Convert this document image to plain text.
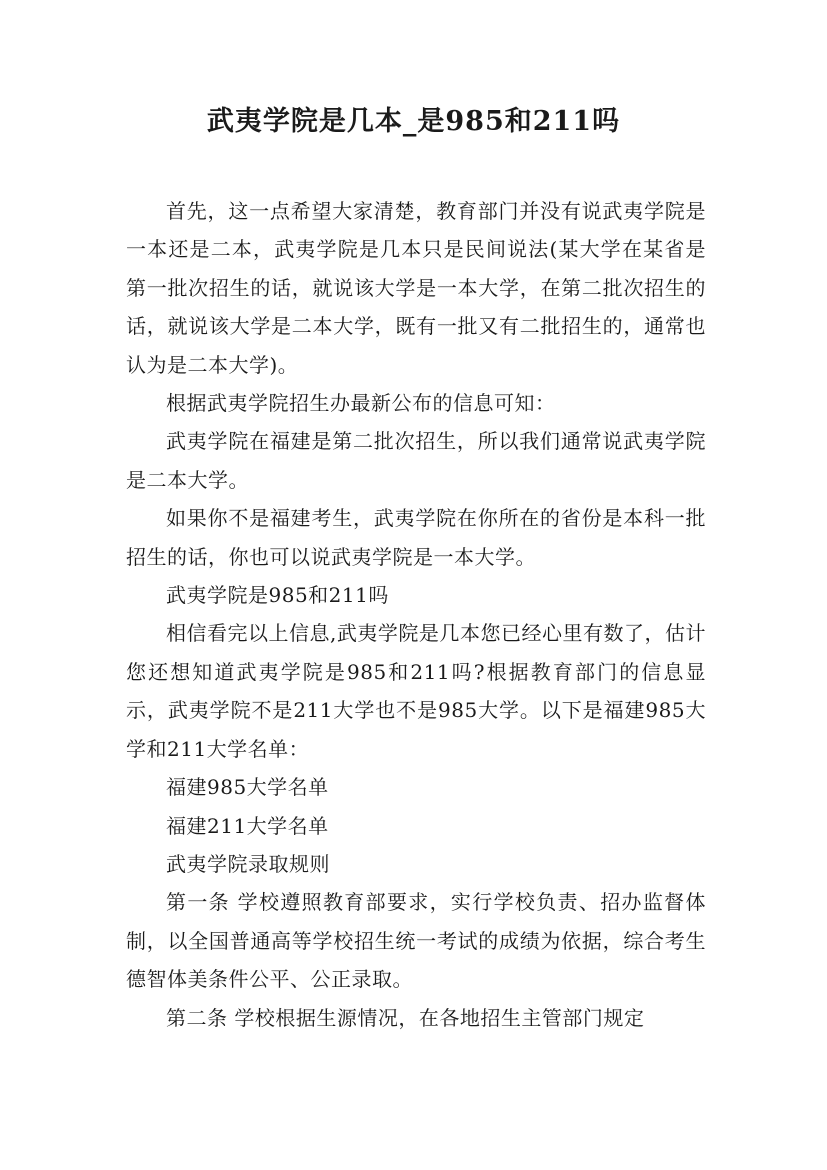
武夷学院是几本_是985和211吗

首先，这一点希望大家清楚，教育部门并没有说武夷学院是一本还是二本，武夷学院是几本只是民间说法(某大学在某省是第一批次招生的话，就说该大学是一本大学，在第二批次招生的话，就说该大学是二本大学，既有一批又有二批招生的，通常也认为是二本大学)。

根据武夷学院招生办最新公布的信息可知：

武夷学院在福建是第二批次招生，所以我们通常说武夷学院是二本大学。

如果你不是福建考生，武夷学院在你所在的省份是本科一批招生的话，你也可以说武夷学院是一本大学。

武夷学院是985和211吗

相信看完以上信息,武夷学院是几本您已经心里有数了，估计您还想知道武夷学院是985和211吗?根据教育部门的信息显示，武夷学院不是211大学也不是985大学。以下是福建985大学和211大学名单：

福建985大学名单

福建211大学名单

武夷学院录取规则

第一条 学校遵照教育部要求，实行学校负责、招办监督体制，以全国普通高等学校招生统一考试的成绩为依据，综合考生德智体美条件公平、公正录取。

第二条 学校根据生源情况，在各地招生主管部门规定
